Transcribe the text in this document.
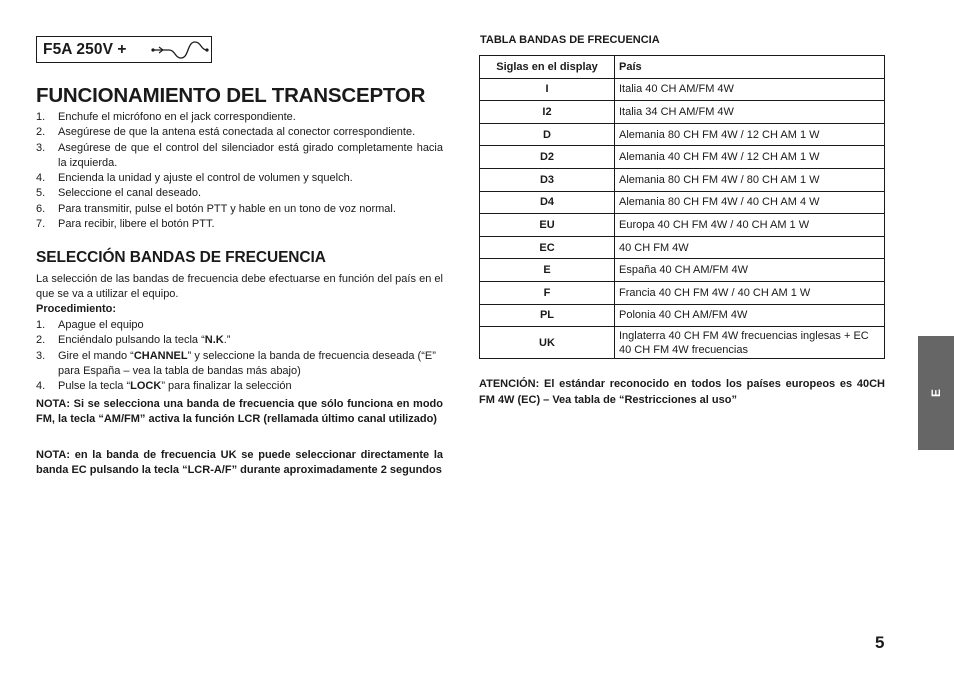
F5A 250V +
FUNCIONAMIENTO DEL TRANSCEPTOR
1.	Enchufe el micrófono en el jack correspondiente.
2.	Asegúrese de que la antena está conectada al conector correspondiente.
3.	Asegúrese de que el control del silenciador está girado completamente hacia la izquierda.
4.	Encienda la unidad y ajuste el control de volumen y squelch.
5.	Seleccione el canal deseado.
6.	Para transmitir, pulse el botón PTT y hable en un tono de voz normal.
7.	Para recibir, libere el botón PTT.
SELECCIÓN BANDAS DE FRECUENCIA

La selección de las bandas de frecuencia debe efectuarse en función del país en el que se va a utilizar el equipo.

Procedimiento:

1.	Apague el equipo
2.	Enciéndalo pulsando la tecla “N.K.”
3.	Gire el mando “CHANNEL” y seleccione la banda de frecuencia deseada (“E” para España – vea la tabla de bandas más abajo)
4.	Pulse la tecla “LOCK” para finalizar la selección

NOTA: Si se selecciona una banda de frecuencia que sólo funciona en modo FM, la tecla “AM/FM” activa la función LCR (rellamada último canal utilizado)

NOTA: en la banda de frecuencia UK se puede seleccionar directamente la banda EC pulsando la tecla “LCR-A/F” durante aproximadamente 2 segundos

TABLA BANDAS DE FRECUENCIA
Siglas en el display	País
I	Italia 40 CH AM/FM 4W
I2	Italia 34 CH AM/FM 4W
D	Alemania 80 CH FM 4W / 12 CH AM 1 W
D2	Alemania 40 CH FM 4W / 12 CH AM 1 W
D3	Alemania 80 CH FM 4W / 80 CH AM 1 W
D4	Alemania 80 CH FM 4W / 40 CH AM 4 W
EU	Europa 40 CH FM 4W / 40 CH AM 1 W
EC	40 CH FM 4W
E	España 40 CH AM/FM 4W
F	Francia 40 CH FM 4W / 40 CH AM 1 W
PL	Polonia 40 CH AM/FM 4W
UK	Inglaterra 40 CH FM 4W frecuencias inglesas + EC 40 CH FM 4W frecuencias

ATENCIÓN: El estándar reconocido en todos los países europeos es 40CH FM 4W (EC) – Vea tabla de “Restricciones al uso”

E
5
